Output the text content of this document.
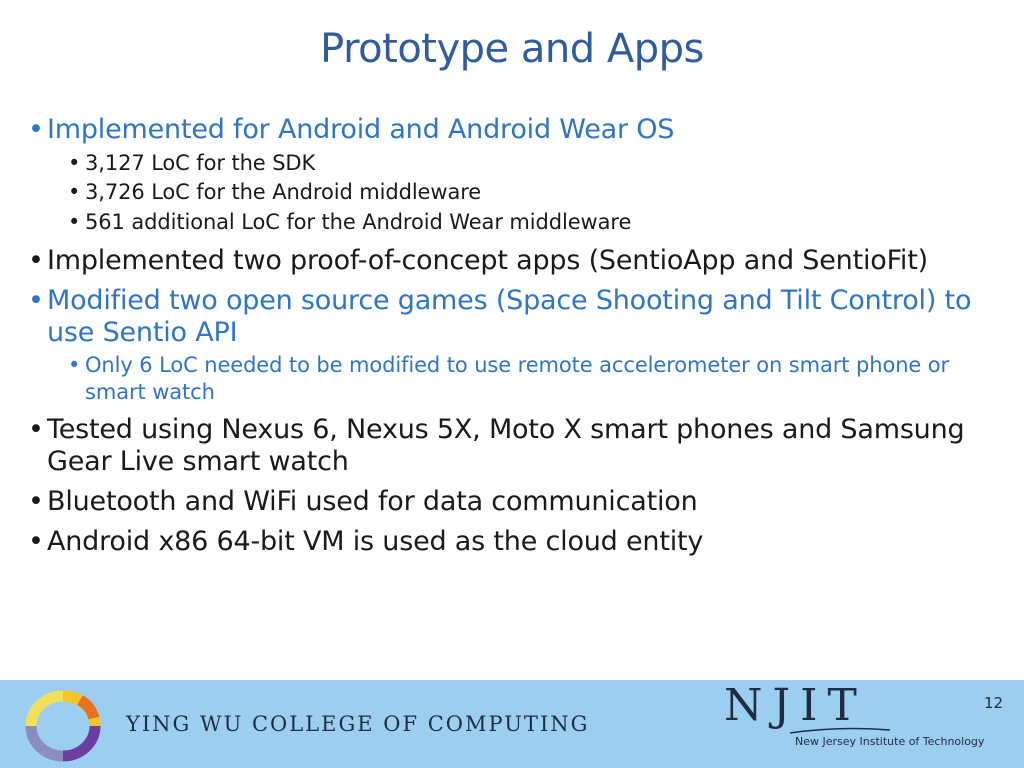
Prototype and Apps
• Implemented for Android and Android Wear OS
• 3,127 LoC for the SDK
• 3,726 LoC for the Android middleware
• 561 additional LoC for the Android Wear middleware
• Implemented two proof-of-concept apps (SentioApp and SentioFit)
• Modified two open source games (Space Shooting and Tilt Control) to use Sentio API
• Only 6 LoC needed to be modified to use remote accelerometer on smart phone or smart watch
• Tested using Nexus 6, Nexus 5X, Moto X smart phones and Samsung Gear Live smart watch
• Bluetooth and WiFi used for data communication
• Android x86 64-bit VM is used as the cloud entity
YING WU COLLEGE OF COMPUTING	NJIT
New Jersey Institute of Technology
12
